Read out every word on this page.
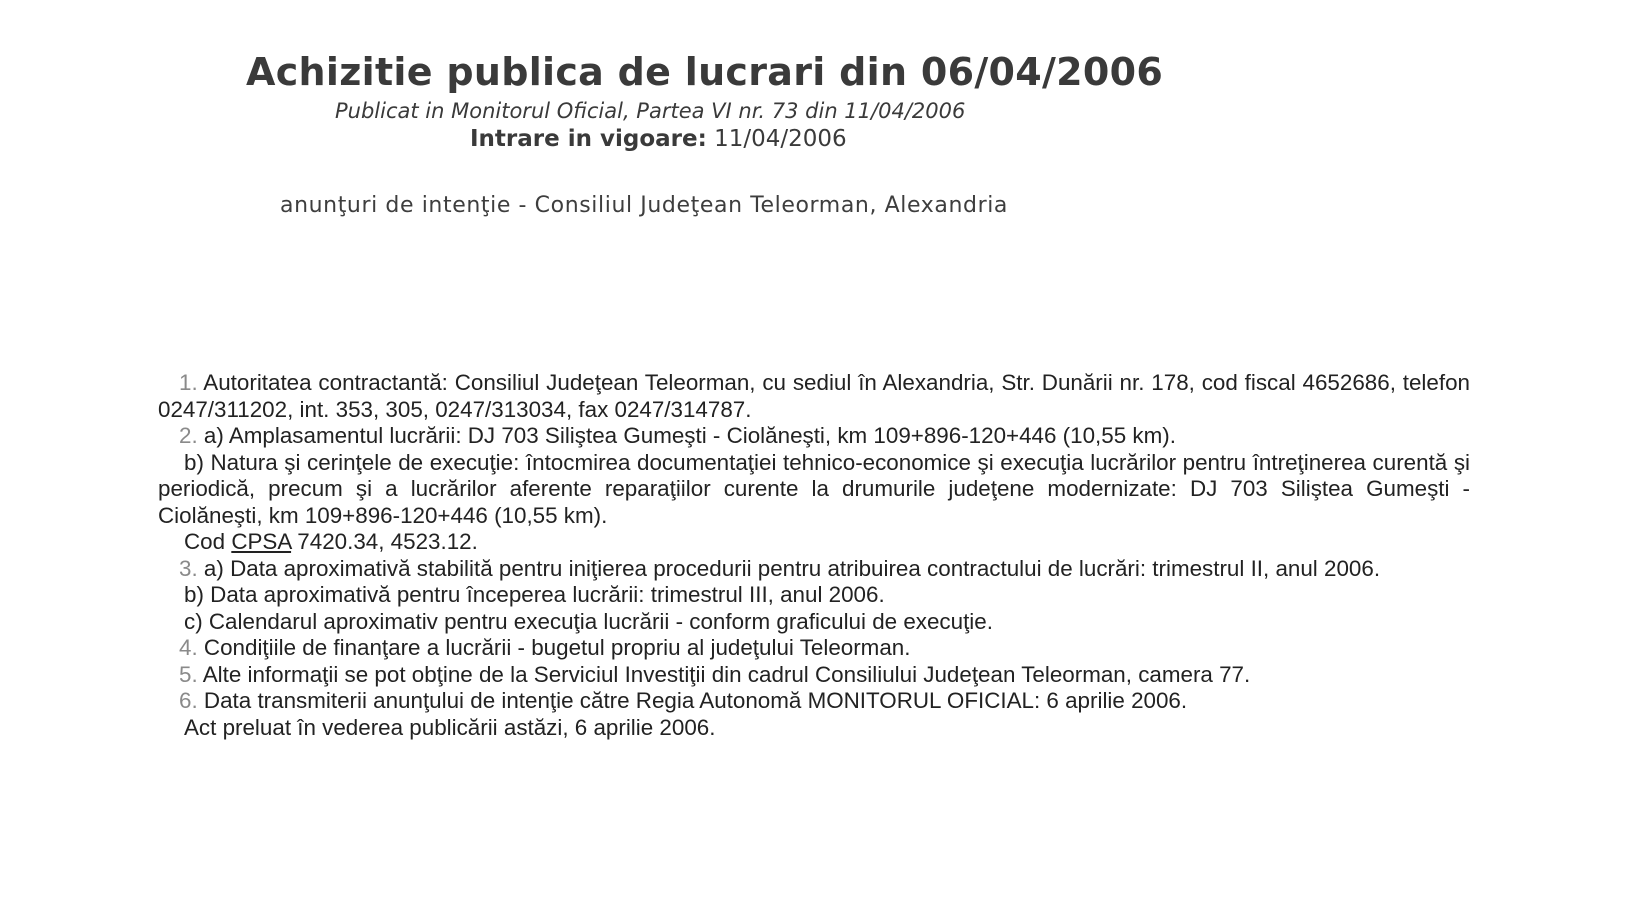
Achizitie publica de lucrari din 06/04/2006
Publicat in Monitorul Oficial, Partea VI nr. 73 din 11/04/2006
Intrare in vigoare: 11/04/2006
anunţuri de intenţie - Consiliul Judeţean Teleorman, Alexandria

1. Autoritatea contractantă: Consiliul Judeţean Teleorman, cu sediul în Alexandria, Str. Dunării nr. 178, cod fiscal 4652686, telefon 0247/311202, int. 353, 305, 0247/313034, fax 0247/314787.

2. a) Amplasamentul lucrării: DJ 703 Siliştea Gumeşti - Ciolăneşti, km 109+896-120+446 (10,55 km).

b) Natura şi cerinţele de execuţie: întocmirea documentaţiei tehnico-economice şi execuţia lucrărilor pentru întreţinerea curentă şi periodică, precum şi a lucrărilor aferente reparaţiilor curente la drumurile judeţene modernizate: DJ 703 Siliştea Gumeşti - Ciolăneşti, km 109+896-120+446 (10,55 km).

Cod CPSA 7420.34, 4523.12.

3. a) Data aproximativă stabilită pentru iniţierea procedurii pentru atribuirea contractului de lucrări: trimestrul II, anul 2006.

b) Data aproximativă pentru începerea lucrării: trimestrul III, anul 2006.

c) Calendarul aproximativ pentru execuţia lucrării - conform graficului de execuţie.

4. Condiţiile de finanţare a lucrării - bugetul propriu al judeţului Teleorman.

5. Alte informaţii se pot obţine de la Serviciul Investiţii din cadrul Consiliului Judeţean Teleorman, camera 77.

6. Data transmiterii anunţului de intenţie către Regia Autonomă MONITORUL OFICIAL: 6 aprilie 2006.

Act preluat în vederea publicării astăzi, 6 aprilie 2006.
